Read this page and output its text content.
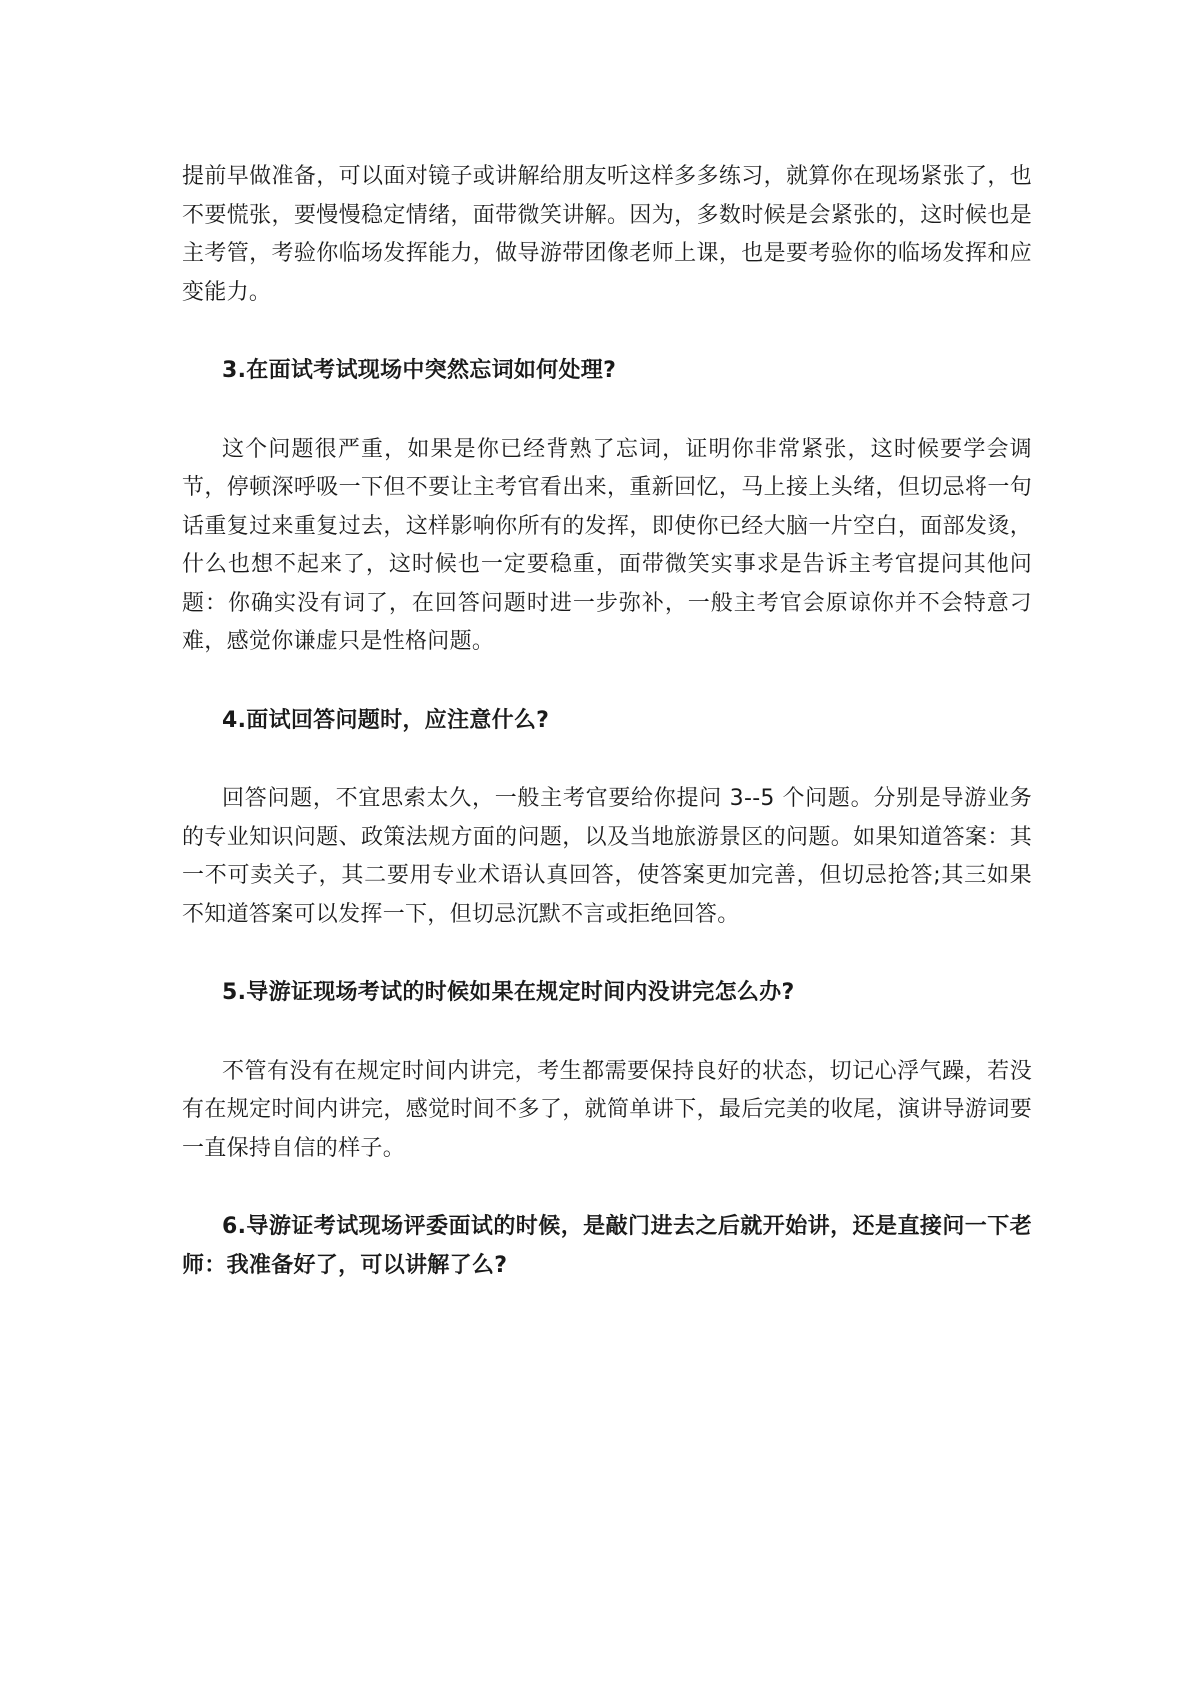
提前早做准备，可以面对镜子或讲解给朋友听这样多多练习，就算你在现场紧张了，也不要慌张，要慢慢稳定情绪，面带微笑讲解。因为，多数时候是会紧张的，这时候也是主考管，考验你临场发挥能力，做导游带团像老师上课，也是要考验你的临场发挥和应变能力。

3.在面试考试现场中突然忘词如何处理?

这个问题很严重，如果是你已经背熟了忘词，证明你非常紧张，这时候要学会调节，停顿深呼吸一下但不要让主考官看出来，重新回忆，马上接上头绪，但切忌将一句话重复过来重复过去，这样影响你所有的发挥，即使你已经大脑一片空白，面部发烫，什么也想不起来了，这时候也一定要稳重，面带微笑实事求是告诉主考官提问其他问题：你确实没有词了，在回答问题时进一步弥补，一般主考官会原谅你并不会特意刁难，感觉你谦虚只是性格问题。

4.面试回答问题时，应注意什么?

回答问题，不宜思索太久，一般主考官要给你提问 3--5 个问题。分别是导游业务的专业知识问题、政策法规方面的问题，以及当地旅游景区的问题。如果知道答案：其一不可卖关子，其二要用专业术语认真回答，使答案更加完善，但切忌抢答;其三如果不知道答案可以发挥一下，但切忌沉默不言或拒绝回答。

5.导游证现场考试的时候如果在规定时间内没讲完怎么办?

不管有没有在规定时间内讲完，考生都需要保持良好的状态，切记心浮气躁，若没有在规定时间内讲完，感觉时间不多了，就简单讲下，最后完美的收尾，演讲导游词要一直保持自信的样子。

6.导游证考试现场评委面试的时候，是敲门进去之后就开始讲，还是直接问一下老师：我准备好了，可以讲解了么?
